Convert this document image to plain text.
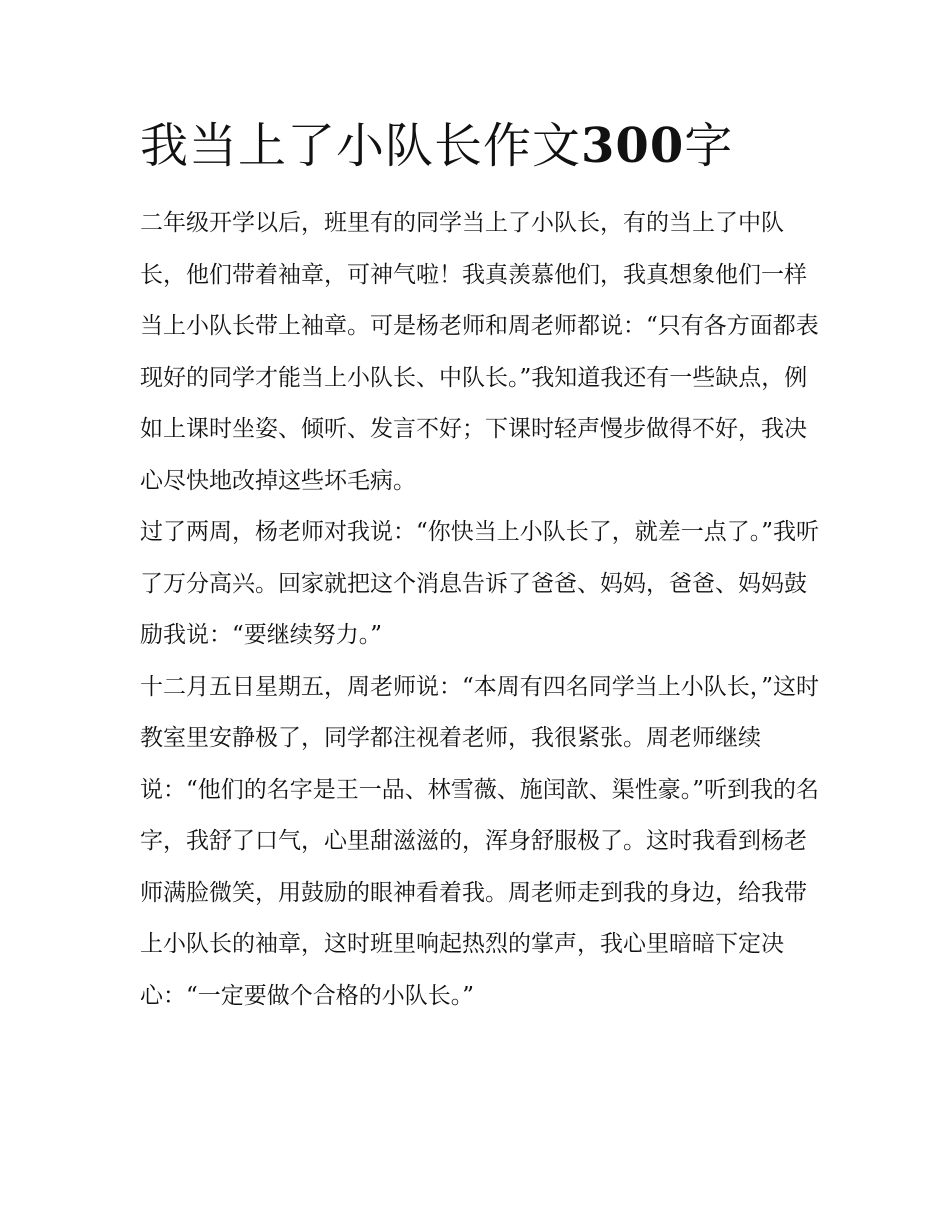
我当上了小队长作文300字

二年级开学以后，班里有的同学当上了小队长，有的当上了中队长，他们带着袖章，可神气啦！我真羡慕他们，我真想象他们一样当上小队长带上袖章。可是杨老师和周老师都说：“只有各方面都表现好的同学才能当上小队长、中队长。”我知道我还有一些缺点，例如上课时坐姿、倾听、发言不好；下课时轻声慢步做得不好，我决心尽快地改掉这些坏毛病。

过了两周，杨老师对我说：“你快当上小队长了，就差一点了。”我听了万分高兴。回家就把这个消息告诉了爸爸、妈妈，爸爸、妈妈鼓励我说：“要继续努力。”

十二月五日星期五，周老师说：“本周有四名同学当上小队长，”这时教室里安静极了，同学都注视着老师，我很紧张。周老师继续说：“他们的名字是王一品、林雪薇、施闰歆、渠性豪。”听到我的名字，我舒了口气，心里甜滋滋的，浑身舒服极了。这时我看到杨老师满脸微笑，用鼓励的眼神看着我。周老师走到我的身边，给我带上小队长的袖章，这时班里响起热烈的掌声，我心里暗暗下定决心：“一定要做个合格的小队长。”
